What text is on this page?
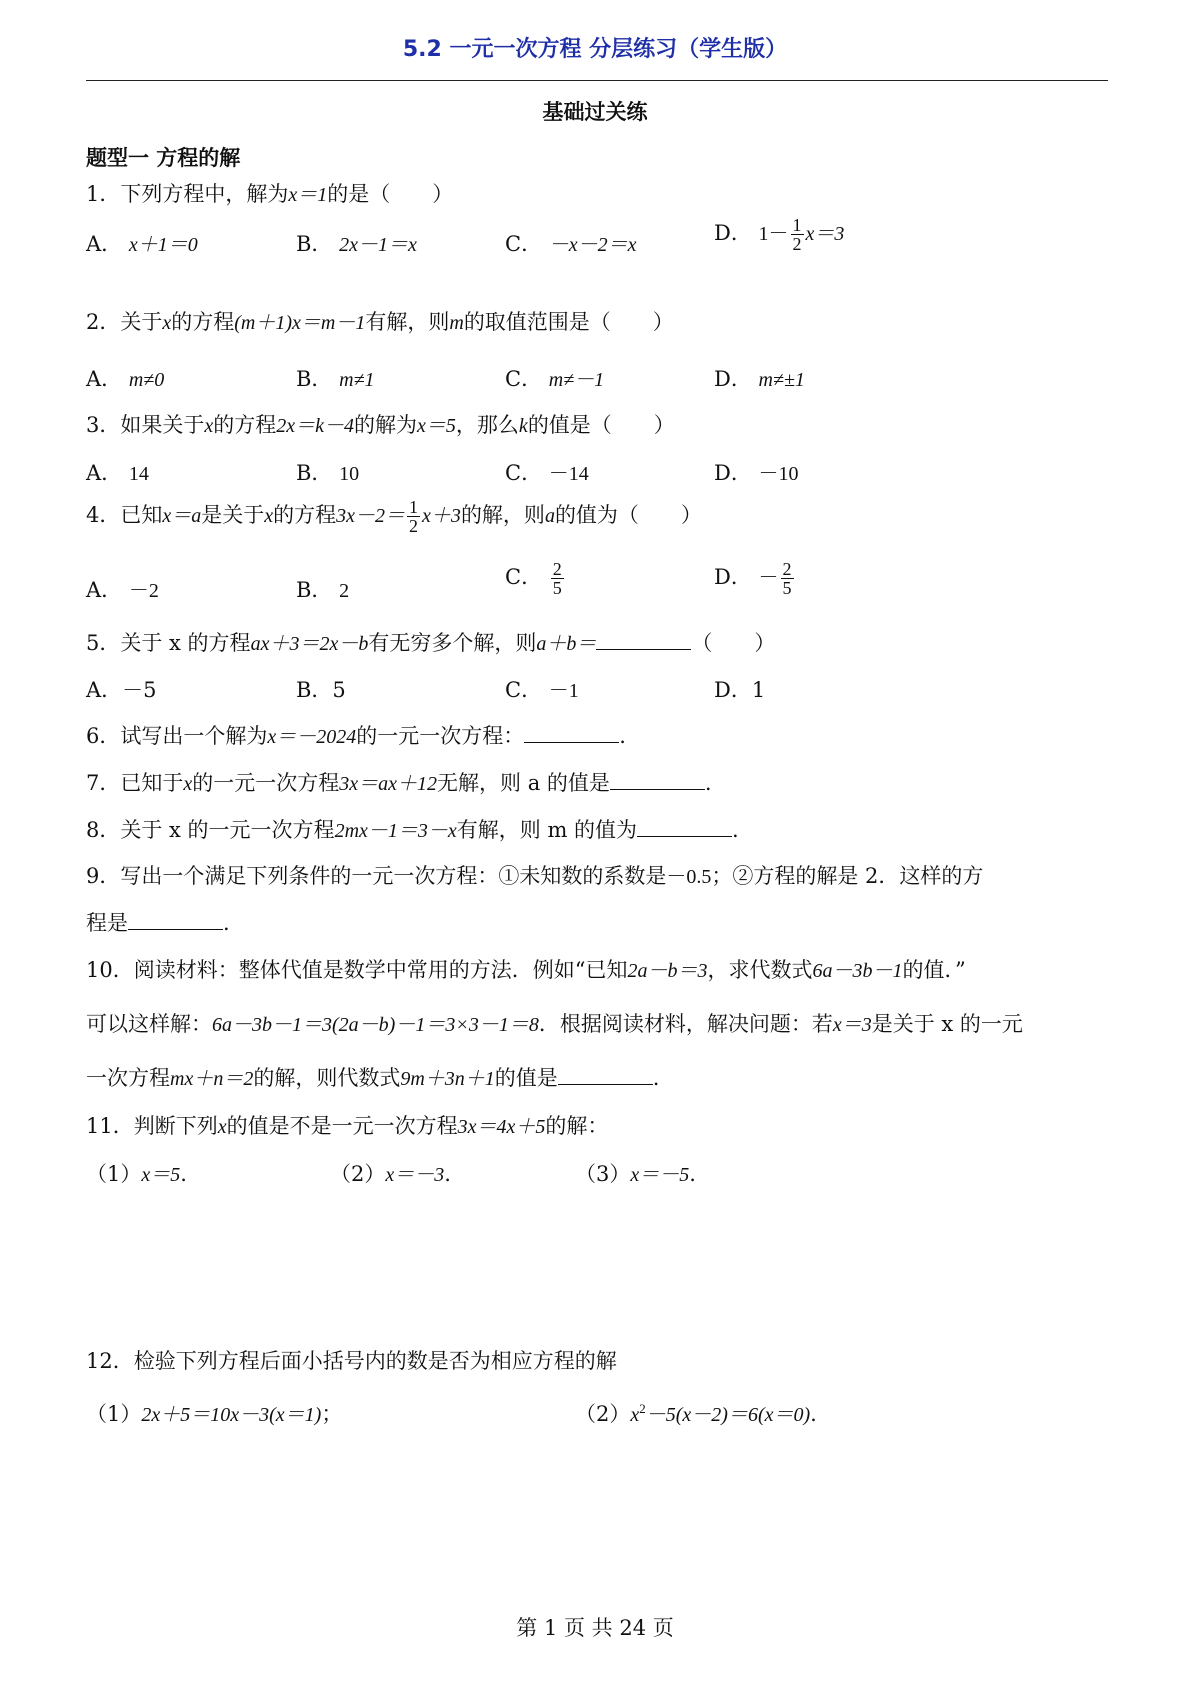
5.2 一元一次方程 分层练习（学生版）
基础过关练
题型一 方程的解
1．下列方程中，解为x＝1的是（　　）
A． x＋1＝0	B． 2x－1＝x	C． －x－2＝x	D． $1- \frac{1}{2} x=3$
2．关于x的方程(m＋1)x＝m－1有解，则m的取值范围是（　　）
A． m≠0	B． m≠1	C． m≠－1	D． m≠±1
3．如果关于x的方程2x＝k－4的解为x＝5，那么k的值是（　　）
A． 14	B． 10	C． －14	D． －10
4．已知x＝a是关于x的方程$3x-2= \frac{1}{2} x+3$的解，则a的值为（　　）
A． －2	B． 2
C． $\frac{2}{5}$	D． － $\frac{2}{5}$
5．关于 x 的方程ax＋3＝2x－b有无穷多个解，则a＋b＝	（　　）
A．－5	B．5	C． －1	D．1
6．试写出一个解为x＝－2024的一元一次方程：	.
7．已知于x的一元一次方程3x＝ax＋12无解，则 a 的值是	.
8．关于 x 的一元一次方程2mx－1＝3－x有解，则 m 的值为	.
9．写出一个满足下列条件的一元一次方程：①未知数的系数是－0.5；②方程的解是 2．这样的方
程是	.
10．阅读材料：整体代值是数学中常用的方法．例如“已知2a－b＝3，求代数式6a－3b－1的值．”
可以这样解：6a－3b－1＝3(2a－b)－1＝3×3－1＝8．根据阅读材料，解决问题：若x＝3是关于 x 的一元
一次方程mx＋n＝2的解，则代数式9m＋3n＋1的值是	.
11．判断下列x的值是不是一元一次方程3x＝4x＋5的解：
（1）x＝5.	（2）x＝－3.	（3）x＝－5.
12．检验下列方程后面小括号内的数是否为相应方程的解
（1）2x＋5＝10x－3(x＝1)；	$(2)x^2-5(x-2)=6(x=0)$.
第 1 页 共 24 页
